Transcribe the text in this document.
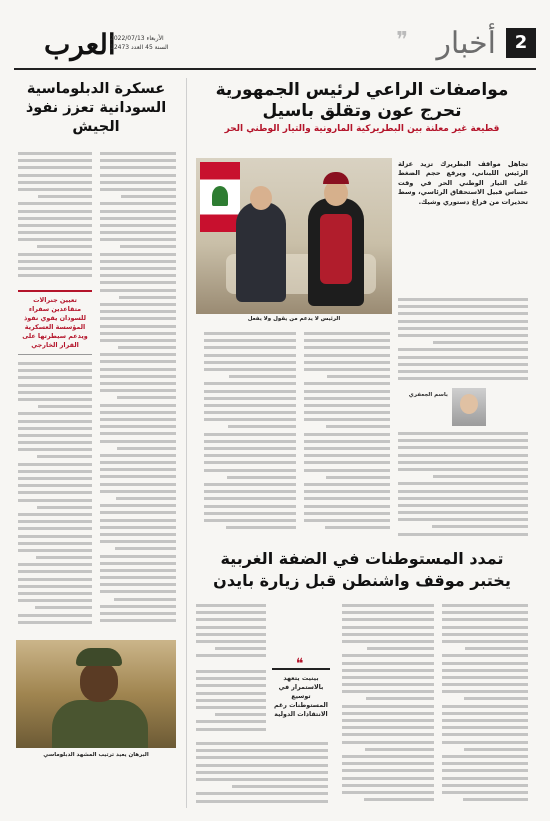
2
أخبار
❞
العرب
الأربعاء 2022/07/13
السنة 45 العدد 12473
مواصفات الراعي لرئيس الجمهورية
تحرج عون وتقلق باسيل
قطيعة غير معلنة بين البطريركية المارونية والتيار الوطني الحر
تجاهل مواقف البطريرك تزيد عزلة الرئيس اللبناني، ويرفع حجم الضغط على التيار الوطني الحر في وقت حساس قبيل الاستحقاق الرئاسي، وسط تحذيرات من فراغ دستوري وشيك.
الرئيس لا يدعم من يقول ولا يفعل
باسم الجعفري
عسكرة الدبلوماسية السودانية تعزز نفوذ الجيش
تعيين جنرالات متقاعدين سفراء للسودان يقوي نفوذ المؤسسة العسكرية ويدعم سيطرتها على القرار الخارجي
البرهان يعيد ترتيب المشهد الدبلوماسي
تمدد المستوطنات في الضفة الغربية
يختبر موقف واشنطن قبل زيارة بايدن
❝
بينيت يتعهد بالاستمرار في توسيع المستوطنات رغم الانتقادات الدولية
